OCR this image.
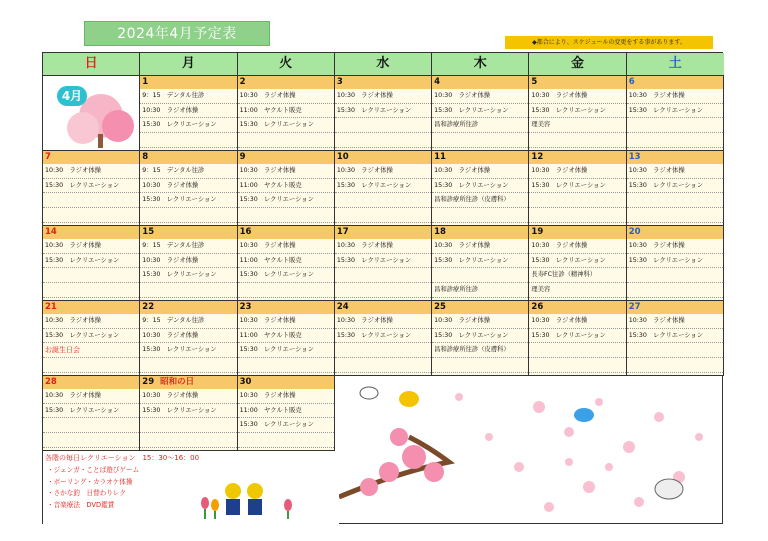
2024年4月予定表
◆都合により、スケジュールの変更をする事があります。
日	月	火	水	木	金	土
4月
1
9：15　デンタル往診
10:30　ラジオ体操
15:30　レクリエーション
2
10:30　ラジオ体操
11:00　ヤクルト販売
15:30　レクリエーション
3
10:30　ラジオ体操
15:30　レクリエーション
4
10:30　ラジオ体操
15:30　レクリエーション
昌和診療所往診
5
10:30　ラジオ体操
15:30　レクリエーション
理美容
6
10:30　ラジオ体操
15:30　レクリエーション
7
10:30　ラジオ体操
15:30　レクリエーション
8
9：15　デンタル往診
10:30　ラジオ体操
15:30　レクリエーション
9
10:30　ラジオ体操
11:00　ヤクルト販売
15:30　レクリエーション
10
10:30　ラジオ体操
15:30　レクリエーション
11
10:30　ラジオ体操
15:30　レクリエーション
昌和診療所往診（皮膚科）
12
10:30　ラジオ体操
15:30　レクリエーション
13
10:30　ラジオ体操
15:30　レクリエーション
14
10:30　ラジオ体操
15:30　レクリエーション
15
9：15　デンタル往診
10:30　ラジオ体操
15:30　レクリエーション
16
10:30　ラジオ体操
11:00　ヤクルト販売
15:30　レクリエーション
17
10:30　ラジオ体操
15:30　レクリエーション
18
10:30　ラジオ体操
15:30　レクリエーション
昌和診療所往診
19
10:30　ラジオ体操
15:30　レクリエーション
長寿FC往診（精神科）
理美容
20
10:30　ラジオ体操
15:30　レクリエーション
21
10:30　ラジオ体操
15:30　レクリエーション
お誕生日会
22
9：15　デンタル往診
10:30　ラジオ体操
15:30　レクリエーション
23
10:30　ラジオ体操
11:00　ヤクルト販売
15:30　レクリエーション
24
10:30　ラジオ体操
15:30　レクリエーション
25
10:30　ラジオ体操
15:30　レクリエーション
昌和診療所往診（皮膚科）
26
10:30　ラジオ体操
15:30　レクリエーション
27
10:30　ラジオ体操
15:30　レクリエーション
28
10:30　ラジオ体操
15:30　レクリエーション
29 昭和の日
10:30　ラジオ体操
15:30　レクリエーション
30
10:30　ラジオ体操
11:00　ヤクルト販売
15:30　レクリエーション
各階の毎日レクリエーション　15：30～16：00
・ジェンガ・ことば遊びゲーム
・ボーリング・カラオケ体操
・さかな釣　日替わりレク
・音楽療法　DVD鑑賞
